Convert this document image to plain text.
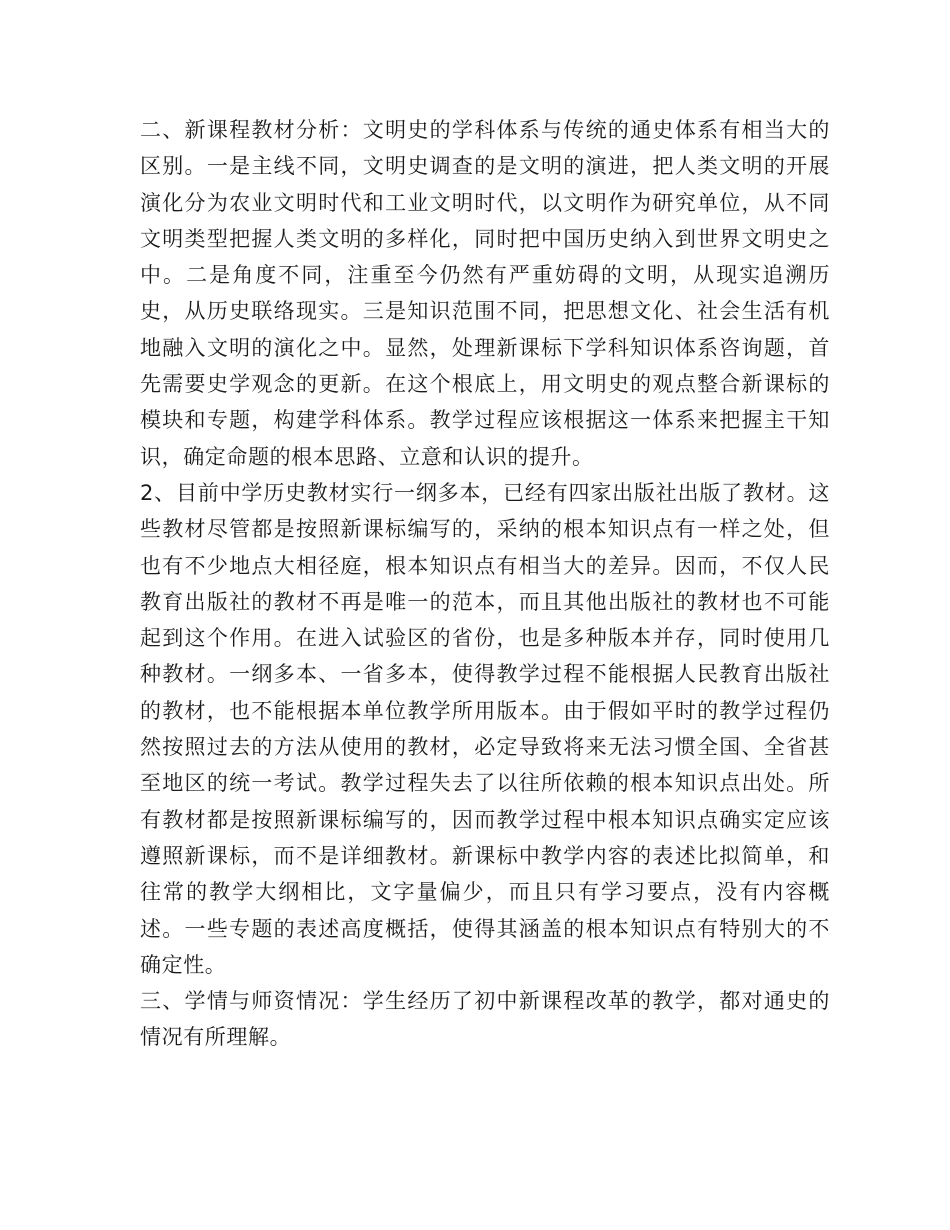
二、新课程教材分析：文明史的学科体系与传统的通史体系有相当大的区别。一是主线不同，文明史调查的是文明的演进，把人类文明的开展演化分为农业文明时代和工业文明时代，以文明作为研究单位，从不同文明类型把握人类文明的多样化，同时把中国历史纳入到世界文明史之中。二是角度不同，注重至今仍然有严重妨碍的文明，从现实追溯历史，从历史联络现实。三是知识范围不同，把思想文化、社会生活有机地融入文明的演化之中。显然，处理新课标下学科知识体系咨询题，首先需要史学观念的更新。在这个根底上，用文明史的观点整合新课标的模块和专题，构建学科体系。教学过程应该根据这一体系来把握主干知识，确定命题的根本思路、立意和认识的提升。

2、目前中学历史教材实行一纲多本，已经有四家出版社出版了教材。这些教材尽管都是按照新课标编写的，采纳的根本知识点有一样之处，但也有不少地点大相径庭，根本知识点有相当大的差异。因而，不仅人民教育出版社的教材不再是唯一的范本，而且其他出版社的教材也不可能起到这个作用。在进入试验区的省份，也是多种版本并存，同时使用几种教材。一纲多本、一省多本，使得教学过程不能根据人民教育出版社的教材，也不能根据本单位教学所用版本。由于假如平时的教学过程仍然按照过去的方法从使用的教材，必定导致将来无法习惯全国、全省甚至地区的统一考试。教学过程失去了以往所依赖的根本知识点出处。所有教材都是按照新课标编写的，因而教学过程中根本知识点确实定应该遵照新课标，而不是详细教材。新课标中教学内容的表述比拟简单，和往常的教学大纲相比，文字量偏少，而且只有学习要点，没有内容概述。一些专题的表述高度概括，使得其涵盖的根本知识点有特别大的不确定性。

三、学情与师资情况：学生经历了初中新课程改革的教学，都对通史的情况有所理解。
